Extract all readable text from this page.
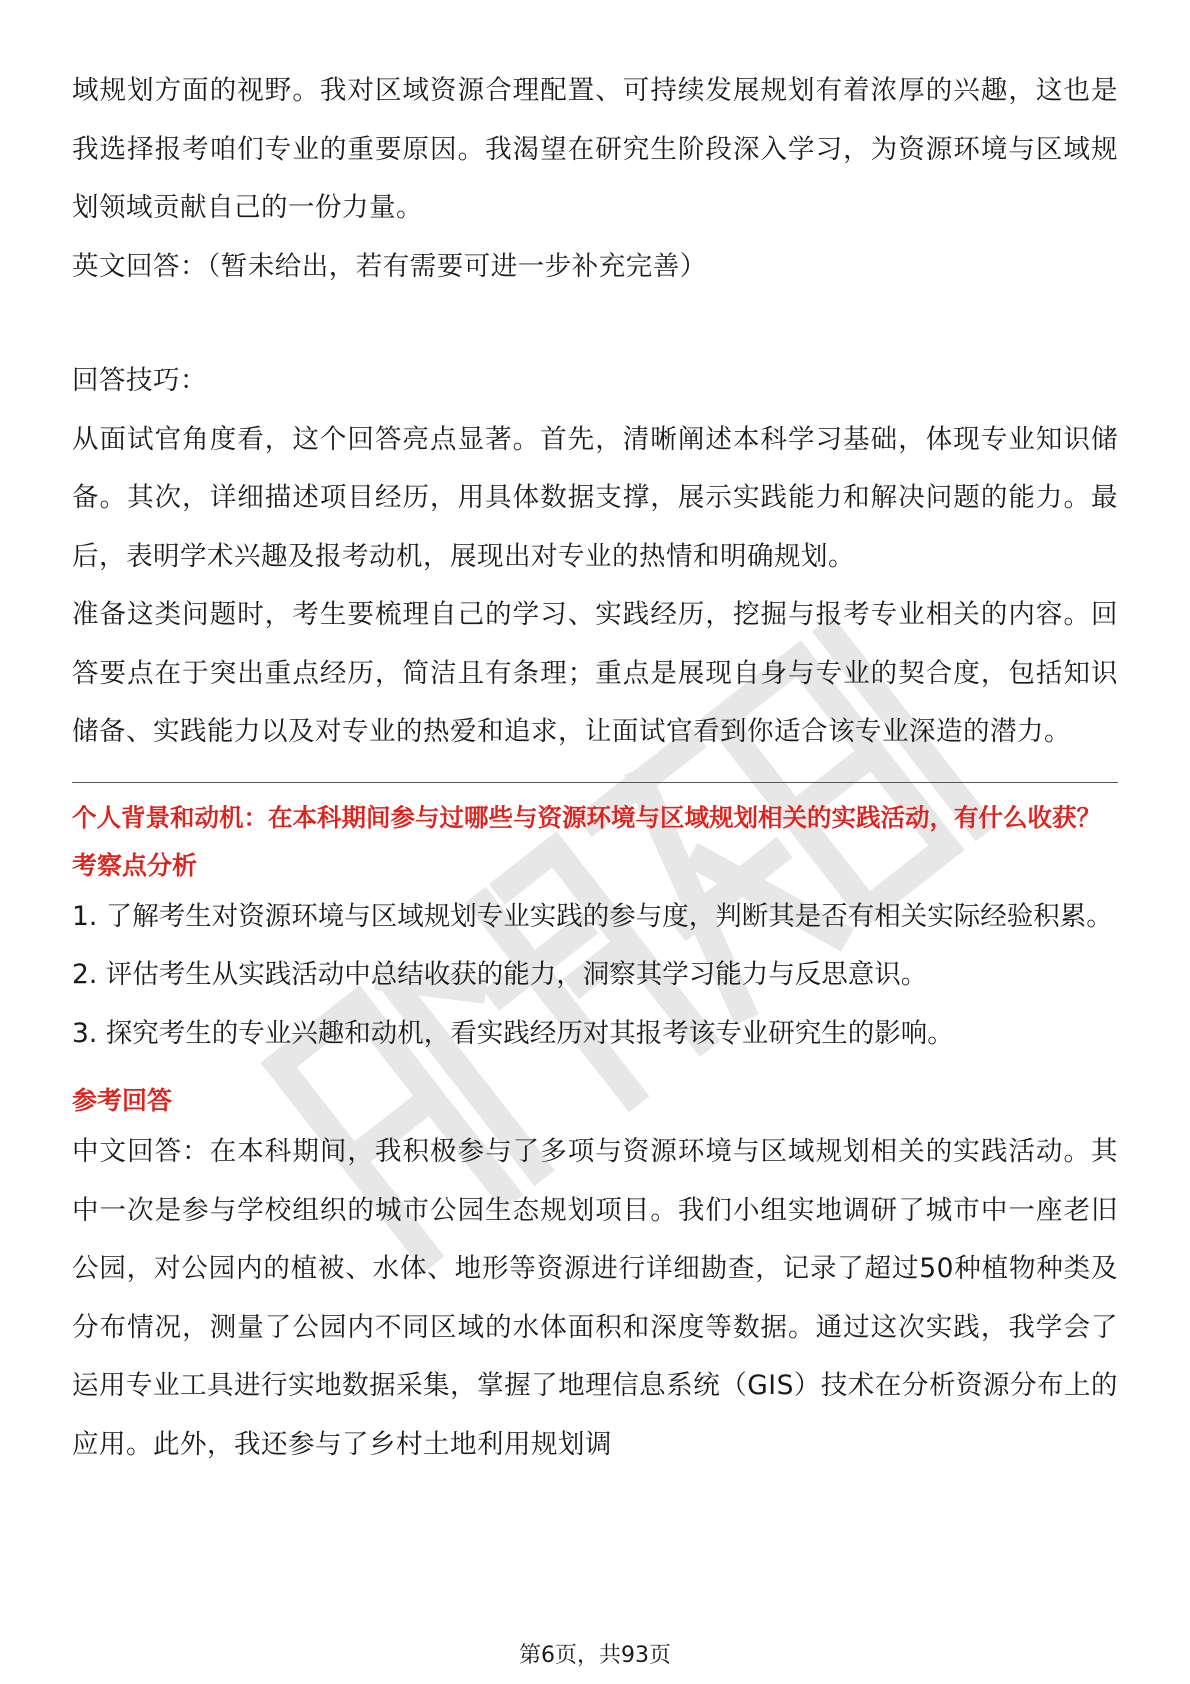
域规划方面的视野。我对区域资源合理配置、可持续发展规划有着浓厚的兴趣，这也是我选择报考咱们专业的重要原因。我渴望在研究生阶段深入学习，为资源环境与区域规划领域贡献自己的一份力量。

英文回答：（暂未给出，若有需要可进一步补充完善）

回答技巧：

从面试官角度看，这个回答亮点显著。首先，清晰阐述本科学习基础，体现专业知识储备。其次，详细描述项目经历，用具体数据支撑，展示实践能力和解决问题的能力。最后，表明学术兴趣及报考动机，展现出对专业的热情和明确规划。

准备这类问题时，考生要梳理自己的学习、实践经历，挖掘与报考专业相关的内容。回答要点在于突出重点经历，简洁且有条理；重点是展现自身与专业的契合度，包括知识储备、实践能力以及对专业的热爱和追求，让面试官看到你适合该专业深造的潜力。

个人背景和动机：在本科期间参与过哪些与资源环境与区域规划相关的实践活动，有什么收获？

考察点分析

1. 了解考生对资源环境与区域规划专业实践的参与度，判断其是否有相关实际经验积累。

2. 评估考生从实践活动中总结收获的能力，洞察其学习能力与反思意识。

3. 探究考生的专业兴趣和动机，看实践经历对其报考该专业研究生的影响。

参考回答

中文回答：在本科期间，我积极参与了多项与资源环境与区域规划相关的实践活动。其中一次是参与学校组织的城市公园生态规划项目。我们小组实地调研了城市中一座老旧公园，对公园内的植被、水体、地形等资源进行详细勘查，记录了超过50种植物种类及分布情况，测量了公园内不同区域的水体面积和深度等数据。通过这次实践，我学会了运用专业工具进行实地数据采集，掌握了地理信息系统（GIS）技术在分析资源分布上的应用。此外，我还参与了乡村土地利用规划调

第6页，共93页
